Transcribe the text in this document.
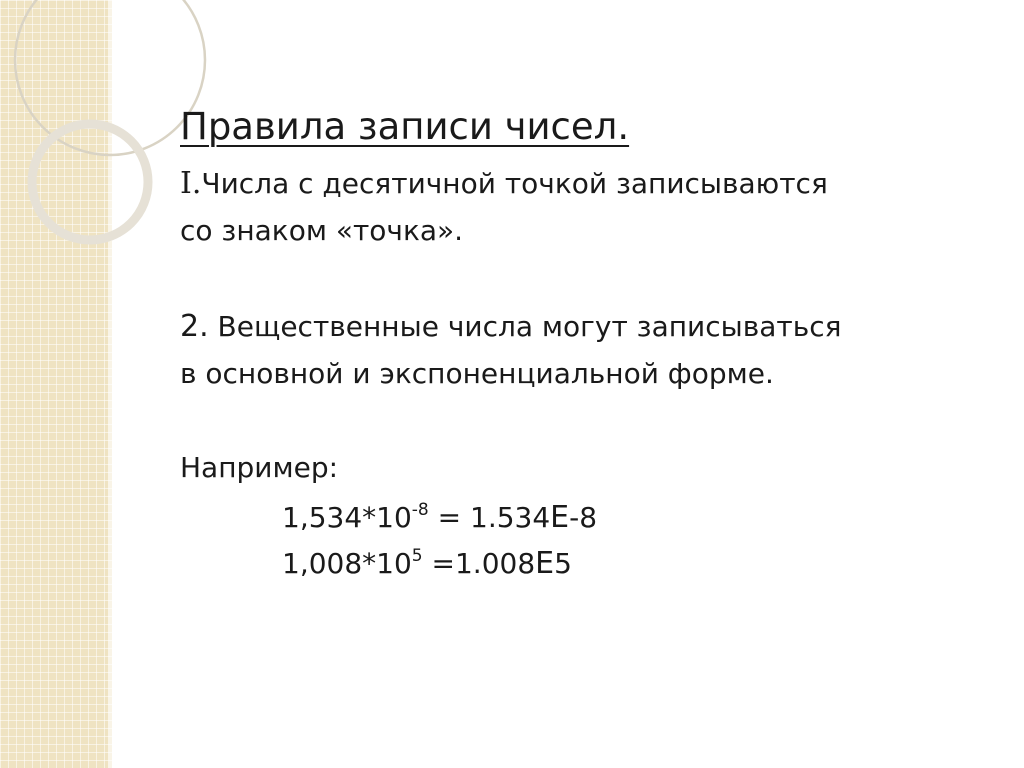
Правила записи чисел.

I.Числа с десятичной точкой записываются
со знаком «точка».

2. Вещественные числа могут записываться
в основной и экспоненциальной форме.

Например:

$1,534*10^{-8} = 1.534E-8$

$1,008*10^5 =1.008E5$
